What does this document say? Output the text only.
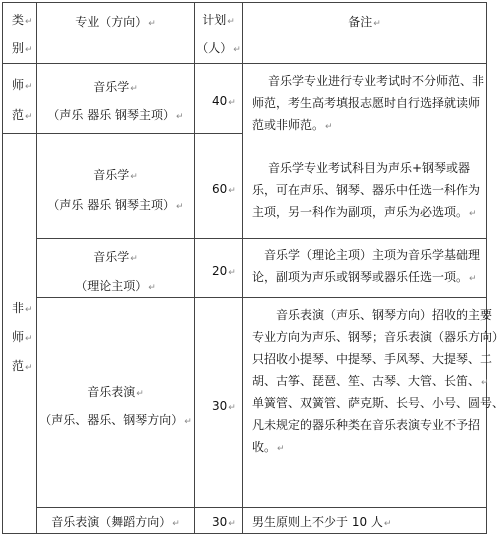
类↵
别↵
专业（方向）↵	计划↵
（人）↵
备注↵
师↵
范↵
非↵
师↵
范↵
音乐学↵
（声乐 器乐 钢琴主项）↵
40↵
音乐学↵
（声乐 器乐 钢琴主项）↵
60↵
音乐学↵
（理论主项）↵
20↵
音乐表演↵
（声乐、器乐、钢琴方向）↵
30↵
音乐表演（舞蹈方向）↵	30↵
音乐学专业进行专业考试时不分师范、非
师范，考生高考填报志愿时自行选择就读师
范或非师范。↵
音乐学专业考试科目为声乐+钢琴或器
乐，可在声乐、钢琴、器乐中任选一科作为
主项，另一科作为副项，声乐为必选项。↵
音乐学（理论主项）主项为音乐学基础理
论，副项为声乐或钢琴或器乐任选一项。↵
音乐表演（声乐、钢琴方向）招收的主要
专业方向为声乐、钢琴；音乐表演（器乐方向）
只招收小提琴、中提琴、手风琴、大提琴、二
胡、古筝、琵琶、笙、古琴、大管、长笛、↵
单簧管、双簧管、萨克斯、长号、小号、圆号、
凡未规定的器乐种类在音乐表演专业不予招
收。↵
男生原则上不少于 10 人↵
